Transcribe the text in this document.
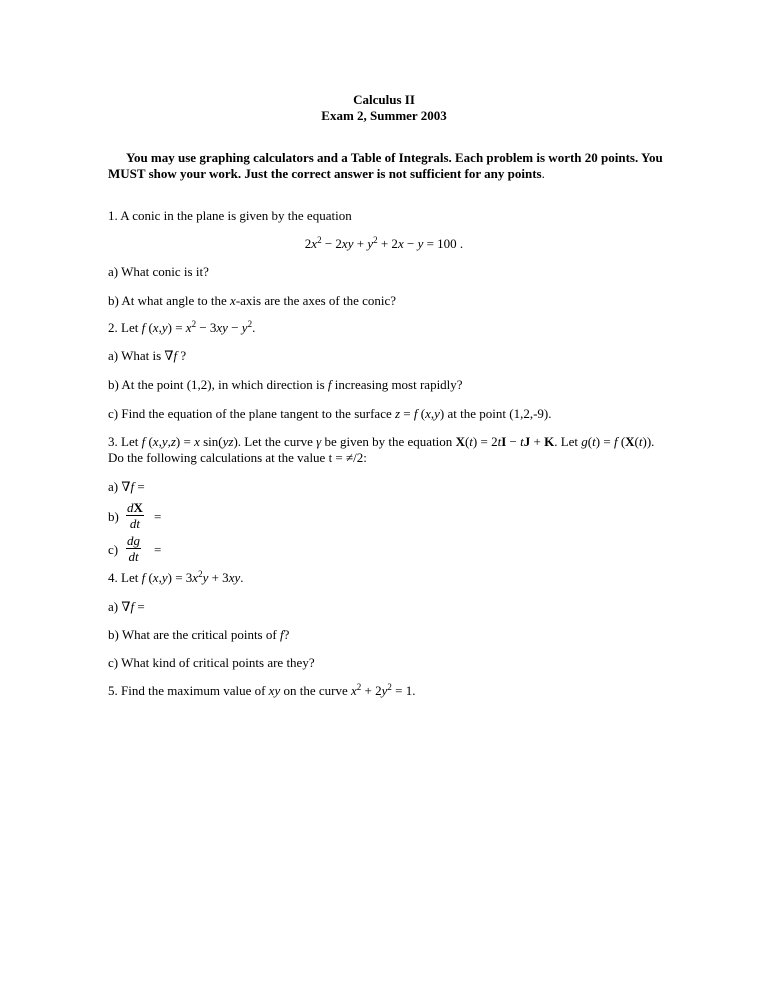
Calculus II
Exam 2, Summer 2003
You may use graphing calculators and a Table of Integrals. Each problem is worth 20 points. You
MUST show your work. Just the correct answer is not sufficient for any points.
1. A conic in the plane is given by the equation
$2x^2 - 2xy + y^2 + 2x - y = 100$ .
a) What conic is it?
b) At what angle to the x-axis are the axes of the conic?
2. Let f $(x,y) = x^2 - 3xy - y^2$.
a) What is ∇f ?
b) At the point (1,2), in which direction is f increasing most rapidly?
c) Find the equation of the plane tangent to the surface z = f (x,y) at the point (1,2,-9).
3. Let f (x,y,z) = x sin(yz). Let the curve γ be given by the equation X(t) = 2tI − tJ + K. Let g(t) = f (X(t)).
Do the following calculations at the value t = ≠/2:
a) ∇f =
$b) \frac{dX}{dt}$ =
$c) \frac{dg}{dt}$ =
4. Let f $(x,y) = 3x^2y + 3xy$.
a) ∇f =
b) What are the critical points of f?
c) What kind of critical points are they?
5. Find the maximum value of xy on the curve $x^2 + 2y^2 = 1$.
